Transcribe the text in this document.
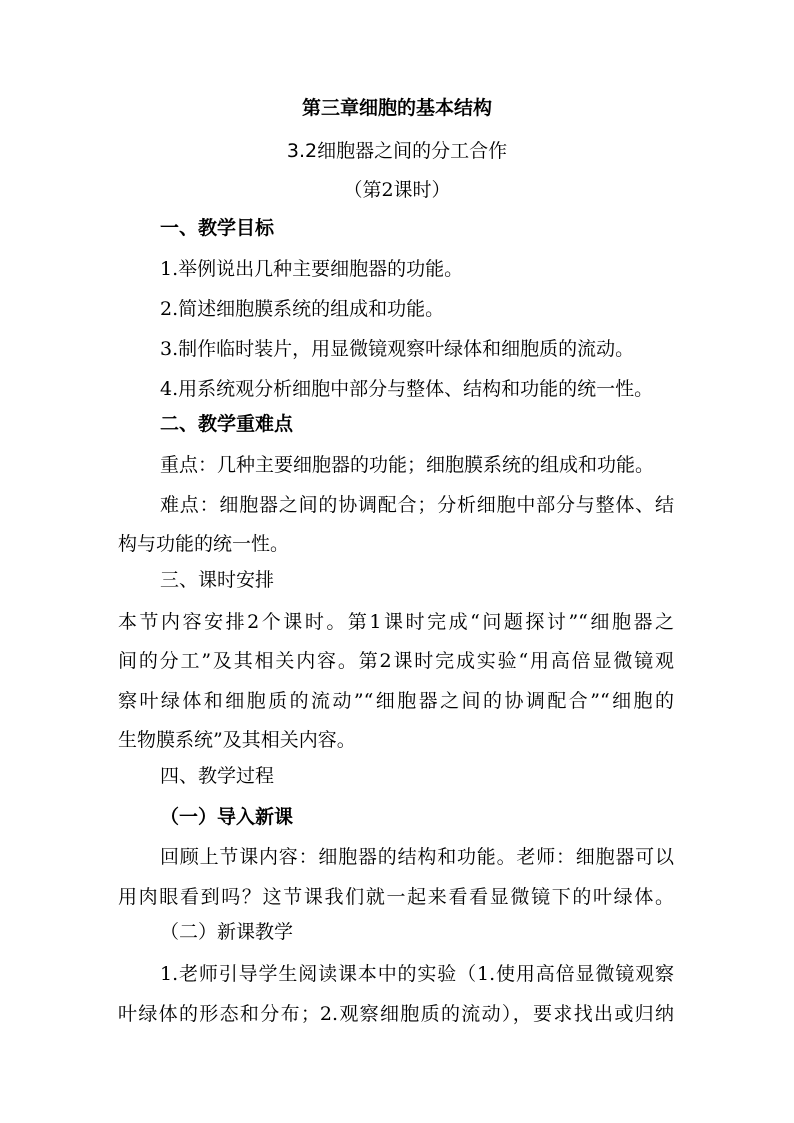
第三章细胞的基本结构
3.2细胞器之间的分工合作
（第2课时）
一、教学目标
1.举例说出几种主要细胞器的功能。
2.简述细胞膜系统的组成和功能。
3.制作临时装片，用显微镜观察叶绿体和细胞质的流动。
4.用系统观分析细胞中部分与整体、结构和功能的统一性。
二、教学重难点
重点：几种主要细胞器的功能；细胞膜系统的组成和功能。
难点：细胞器之间的协调配合；分析细胞中部分与整体、结
构与功能的统一性。
三、课时安排
本节内容安排2个课时。第1课时完成“问题探讨”“细胞器之
间的分工”及其相关内容。第2课时完成实验“用高倍显微镜观
察叶绿体和细胞质的流动”“细胞器之间的协调配合”“细胞的
生物膜系统”及其相关内容。
四、教学过程
（一）导入新课
回顾上节课内容：细胞器的结构和功能。老师：细胞器可以
用肉眼看到吗？这节课我们就一起来看看显微镜下的叶绿体。
（二）新课教学
1.老师引导学生阅读课本中的实验（1.使用高倍显微镜观察
叶绿体的形态和分布；2.观察细胞质的流动），要求找出或归纳
